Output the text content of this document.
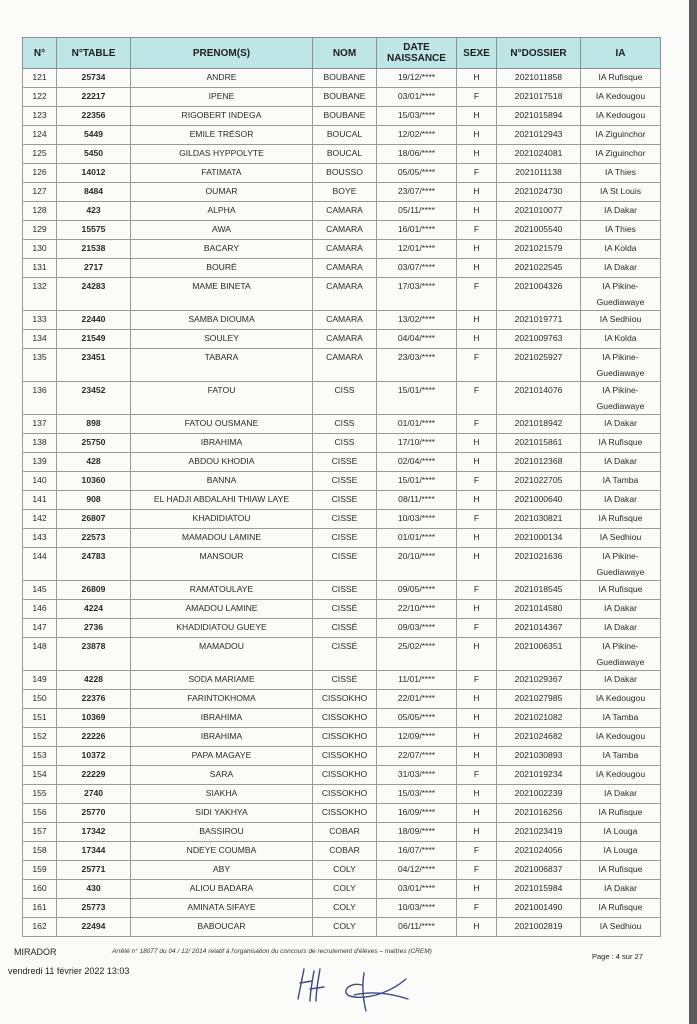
N°	N°TABLE	PRENOM(S)	NOM	DATE NAISSANCE	SEXE	N°DOSSIER	IA
121	25734	ANDRE	BOUBANE	19/12/****	H	2021011858	IA Rufisque
122	22217	IPENE	BOUBANE	03/01/****	F	2021017518	IA Kedougou
123	22356	RIGOBERT INDEGA	BOUBANE	15/03/****	H	2021015894	IA Kedougou
124	5449	EMILE TRÉSOR	BOUCAL	12/02/****	H	2021012943	IA Ziguinchor
125	5450	GILDAS HYPPOLYTE	BOUCAL	18/06/****	H	2021024081	IA Ziguinchor
126	14012	FATIMATA	BOUSSO	05/05/****	F	2021011138	IA Thies
127	8484	OUMAR	BOYE	23/07/****	H	2021024730	IA St Louis
128	423	ALPHA	CAMARA	05/11/****	H	2021010077	IA Dakar
129	15575	AWA	CAMARA	16/01/****	F	2021005540	IA Thies
130	21538	BACARY	CAMARA	12/01/****	H	2021021579	IA Kolda
131	2717	BOURÉ	CAMARA	03/07/****	H	2021022545	IA Dakar
132	24283	MAME BINETA	CAMARA	17/03/****	F	2021004326	IA Pikine-Guediawaye
133	22440	SAMBA DIOUMA	CAMARA	13/02/****	H	2021019771	IA Sedhiou
134	21549	SOULEY	CAMARA	04/04/****	H	2021009763	IA Kolda
135	23451	TABARA	CAMARA	23/03/****	F	2021025927	IA Pikine-Guediawaye
136	23452	FATOU	CISS	15/01/****	F	2021014076	IA Pikine-Guediawaye
137	898	FATOU OUSMANE	CISS	01/01/****	F	2021018942	IA Dakar
138	25750	IBRAHIMA	CISS	17/10/****	H	2021015861	IA Rufisque
139	428	ABDOU KHODIA	CISSE	02/04/****	H	2021012368	IA Dakar
140	10360	BANNA	CISSE	15/01/****	F	2021022705	IA Tamba
141	908	EL HADJI ABDALAHI THIAW LAYE	CISSE	08/11/****	H	2021000640	IA Dakar
142	26807	KHADIDIATOU	CISSE	10/03/****	F	2021030821	IA Rufisque
143	22573	MAMADOU LAMINE	CISSE	01/01/****	H	2021000134	IA Sedhiou
144	24783	MANSOUR	CISSE	20/10/****	H	2021021636	IA Pikine-Guediawaye
145	26809	RAMATOULAYE	CISSE	09/05/****	F	2021018545	IA Rufisque
146	4224	AMADOU LAMINE	CISSÉ	22/10/****	H	2021014580	IA Dakar
147	2736	KHADIDIATOU GUEYE	CISSÉ	09/03/****	F	2021014367	IA Dakar
148	23878	MAMADOU	CISSÉ	25/02/****	H	2021006351	IA Pikine-Guediawaye
149	4228	SODA MARIAME	CISSÉ	11/01/****	F	2021029367	IA Dakar
150	22376	FARINTOKHOMA	CISSOKHO	22/01/****	H	2021027985	IA Kedougou
151	10369	IBRAHIMA	CISSOKHO	05/05/****	H	2021021082	IA Tamba
152	22226	IBRAHIMA	CISSOKHO	12/09/****	H	2021024682	IA Kedougou
153	10372	PAPA MAGAYE	CISSOKHO	22/07/****	H	2021030893	IA Tamba
154	22229	SARA	CISSOKHO	31/03/****	F	2021019234	IA Kedougou
155	2740	SIAKHA	CISSOKHO	15/03/****	H	2021002239	IA Dakar
156	25770	SIDI YAKHYA	CISSOKHO	16/09/****	H	2021016256	IA Rufisque
157	17342	BASSIROU	COBAR	18/09/****	H	2021023419	IA Louga
158	17344	NDEYE COUMBA	COBAR	16/07/****	F	2021024056	IA Louga
159	25771	ABY	COLY	04/12/****	F	2021006837	IA Rufisque
160	430	ALIOU BADARA	COLY	03/01/****	H	2021015984	IA Dakar
161	25773	AMINATA SIFAYE	COLY	10/03/****	F	2021001490	IA Rufisque
162	22494	BABOUCAR	COLY	06/11/****	H	2021002819	IA Sedhiou
MIRADOR	Arrêté n° 18077 du 04 / 12/ 2014 relatif à l'organisation du concours de recrutement d'élèves – maîtres (CREM)
Page : 4 sur 27
vendredi 11 février 2022 13:03
